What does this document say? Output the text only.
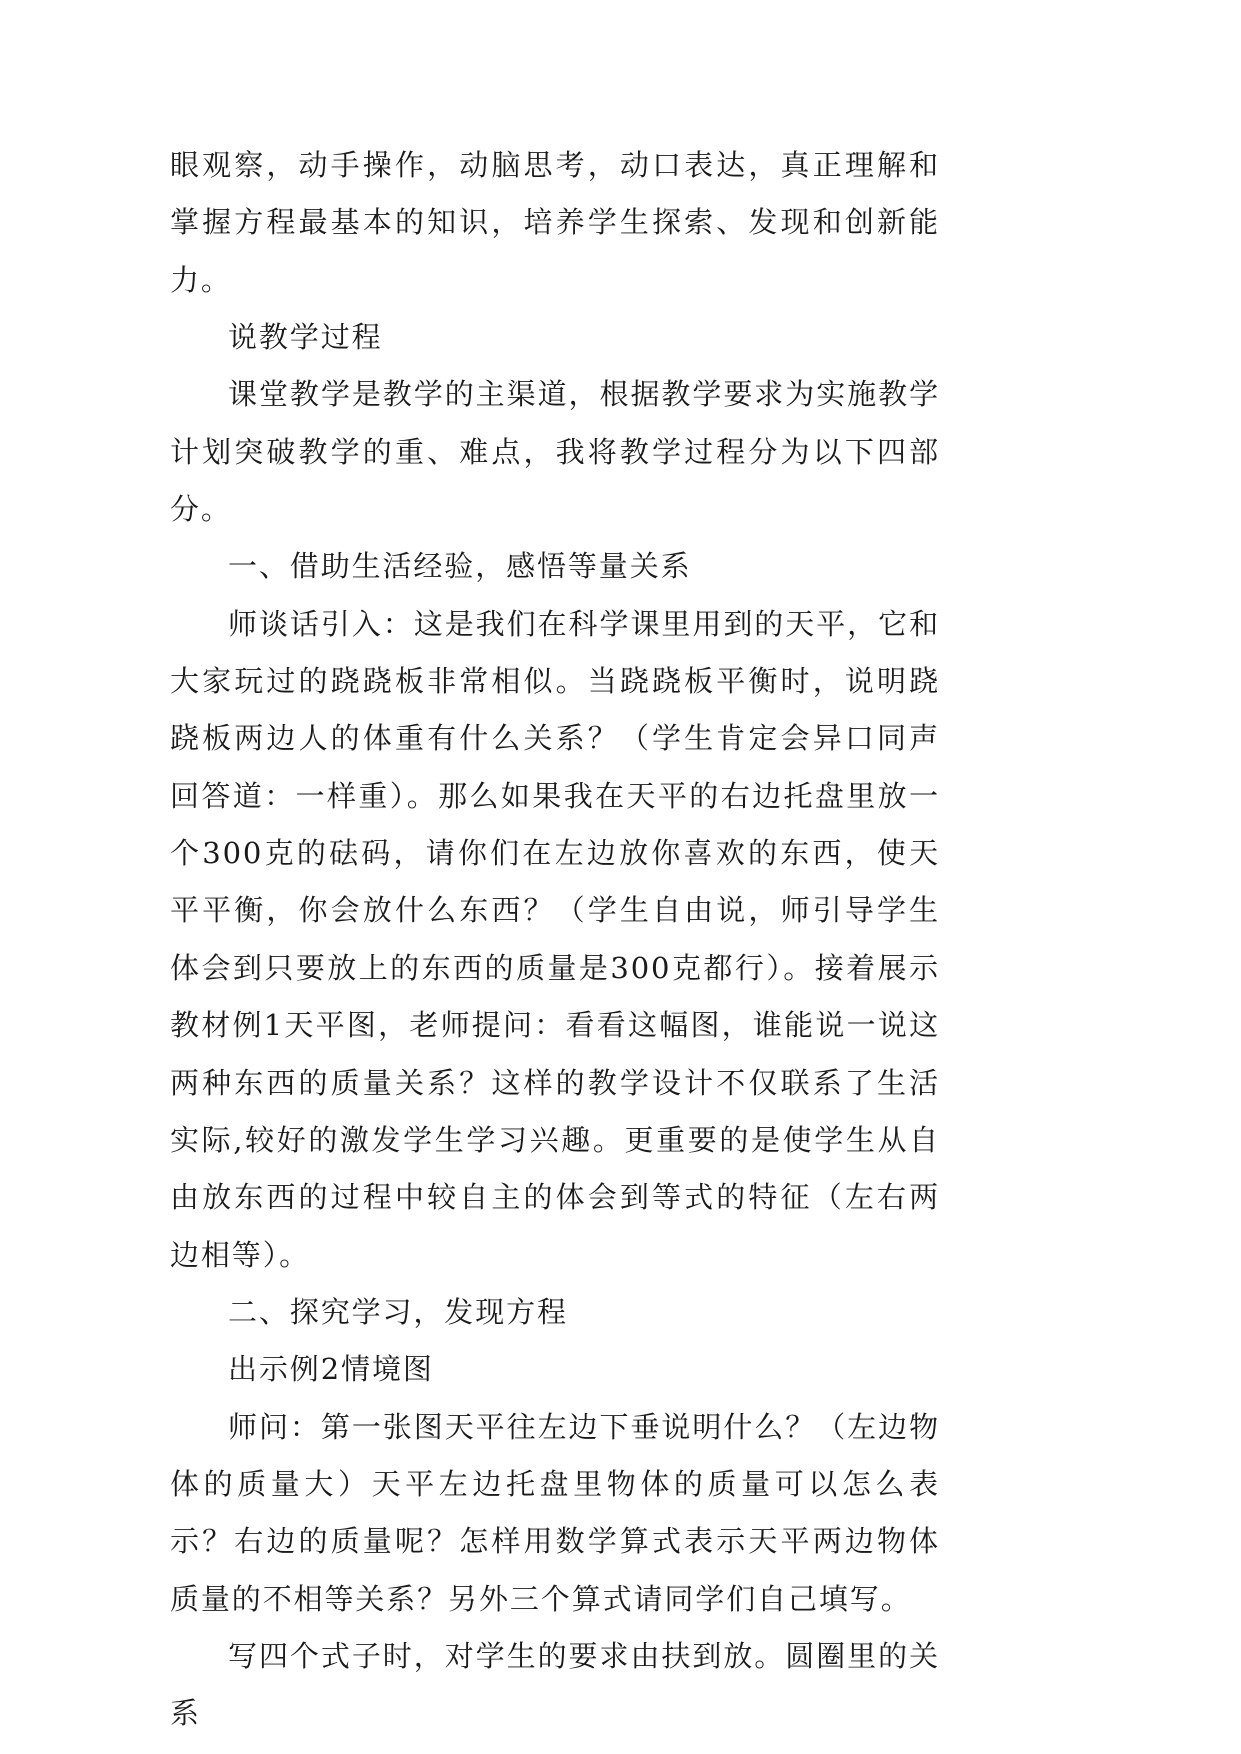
眼观察，动手操作，动脑思考，动口表达，真正理解和掌握方程最基本的知识，培养学生探索、发现和创新能力。

说教学过程

课堂教学是教学的主渠道，根据教学要求为实施教学计划突破教学的重、难点，我将教学过程分为以下四部分。

一、借助生活经验，感悟等量关系

师谈话引入：这是我们在科学课里用到的天平，它和大家玩过的跷跷板非常相似。当跷跷板平衡时，说明跷跷板两边人的体重有什么关系？（学生肯定会异口同声回答道：一样重）。那么如果我在天平的右边托盘里放一个300克的砝码，请你们在左边放你喜欢的东西，使天平平衡，你会放什么东西？（学生自由说，师引导学生体会到只要放上的东西的质量是300克都行）。接着展示教材例1天平图，老师提问：看看这幅图，谁能说一说这两种东西的质量关系？这样的教学设计不仅联系了生活实际,较好的激发学生学习兴趣。更重要的是使学生从自由放东西的过程中较自主的体会到等式的特征（左右两边相等）。

二、探究学习，发现方程

出示例2情境图

师问：第一张图天平往左边下垂说明什么？（左边物体的质量大）天平左边托盘里物体的质量可以怎么表示？右边的质量呢？怎样用数学算式表示天平两边物体质量的不相等关系？另外三个算式请同学们自己填写。

写四个式子时，对学生的要求由扶到放。圆圈里的关系
